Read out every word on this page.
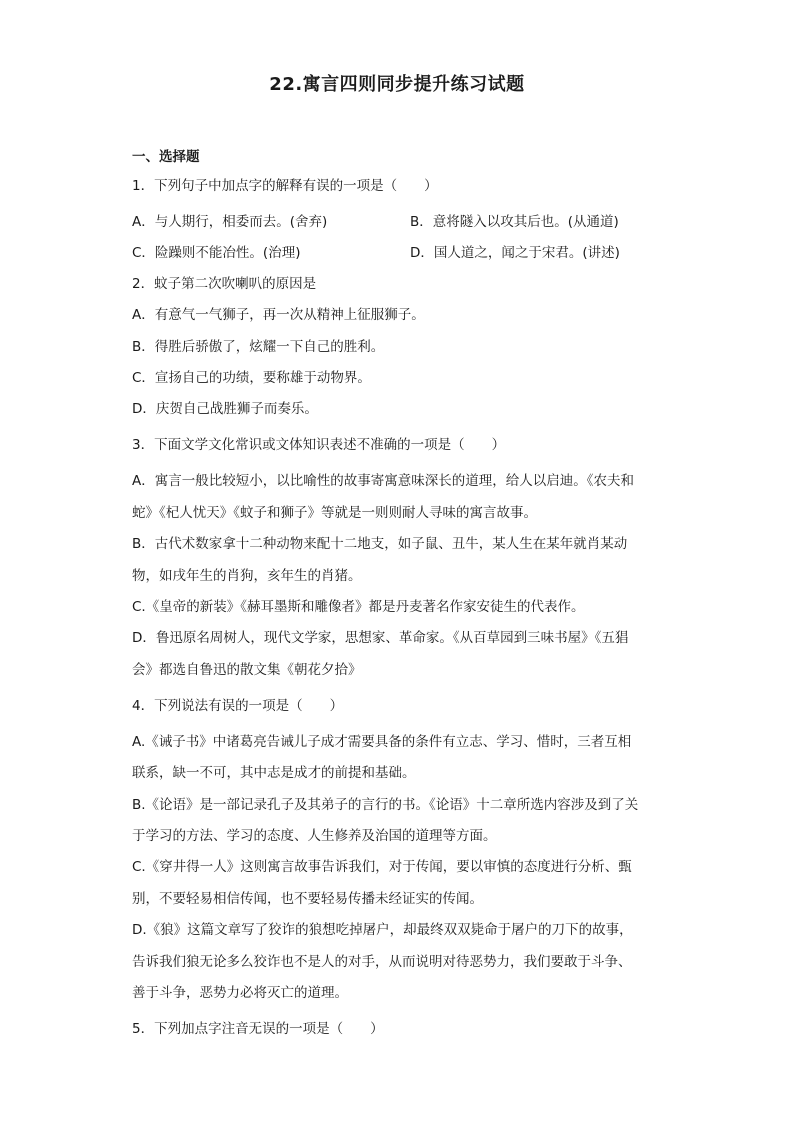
22.寓言四则同步提升练习试题
一、选择题
1．下列句子中加点字的解释有误的一项是（　　）
A．与人期行，相委而去。(舍弃)	B．意将隧入以攻其后也。(从通道)
C．险躁则不能冶性。(治理)	D．国人道之，闻之于宋君。(讲述)
2．蚊子第二次吹喇叭的原因是
A．有意气一气狮子，再一次从精神上征服狮子。
B．得胜后骄傲了，炫耀一下自己的胜利。
C．宣扬自己的功绩，要称雄于动物界。
D．庆贺自己战胜狮子而奏乐。
3．下面文学文化常识或文体知识表述不准确的一项是（　　）
A．寓言一般比较短小，以比喻性的故事寄寓意味深长的道理，给人以启迪。《农夫和
蛇》《杞人忧天》《蚊子和狮子》等就是一则则耐人寻味的寓言故事。
B．古代术数家拿十二种动物来配十二地支，如子鼠、丑牛，某人生在某年就肖某动
物，如戌年生的肖狗，亥年生的肖猪。
C.《皇帝的新装》《赫耳墨斯和雕像者》都是丹麦著名作家安徒生的代表作。
D．鲁迅原名周树人，现代文学家，思想家、革命家。《从百草园到三味书屋》《五猖
会》都选自鲁迅的散文集《朝花夕拾》
4．下列说法有误的一项是（　　）
A.《诫子书》中诸葛亮告诫儿子成才需要具备的条件有立志、学习、惜时，三者互相
联系，缺一不可，其中志是成才的前提和基础。
B.《论语》是一部记录孔子及其弟子的言行的书。《论语》十二章所选内容涉及到了关
于学习的方法、学习的态度、人生修养及治国的道理等方面。
C.《穿井得一人》这则寓言故事告诉我们，对于传闻，要以审慎的态度进行分析、甄
别，不要轻易相信传闻，也不要轻易传播未经证实的传闻。
D.《狼》这篇文章写了狡诈的狼想吃掉屠户，却最终双双毙命于屠户的刀下的故事，
告诉我们狼无论多么狡诈也不是人的对手，从而说明对待恶势力，我们要敢于斗争、
善于斗争，恶势力必将灭亡的道理。
5．下列加点字注音无误的一项是（　　）
